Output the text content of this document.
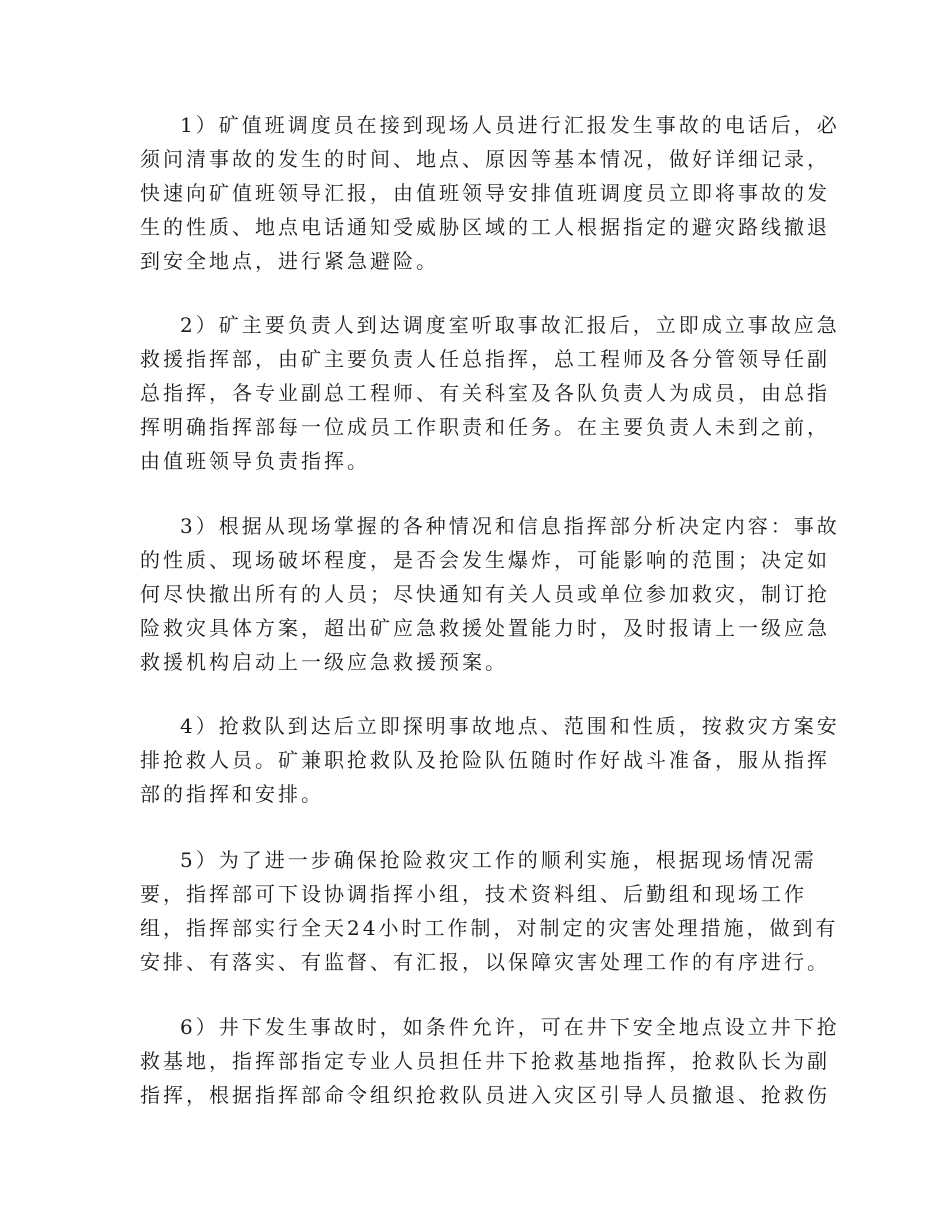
1）矿值班调度员在接到现场人员进行汇报发生事故的电话后，必
须问清事故的发生的时间、地点、原因等基本情况，做好详细记录，
快速向矿值班领导汇报，由值班领导安排值班调度员立即将事故的发
生的性质、地点电话通知受威胁区域的工人根据指定的避灾路线撤退
到安全地点，进行紧急避险。
2）矿主要负责人到达调度室听取事故汇报后，立即成立事故应急
救援指挥部，由矿主要负责人任总指挥，总工程师及各分管领导任副
总指挥，各专业副总工程师、有关科室及各队负责人为成员，由总指
挥明确指挥部每一位成员工作职责和任务。在主要负责人未到之前，
由值班领导负责指挥。
3）根据从现场掌握的各种情况和信息指挥部分析决定内容：事故
的性质、现场破坏程度，是否会发生爆炸，可能影响的范围；决定如
何尽快撤出所有的人员；尽快通知有关人员或单位参加救灾，制订抢
险救灾具体方案，超出矿应急救援处置能力时，及时报请上一级应急
救援机构启动上一级应急救援预案。
4）抢救队到达后立即探明事故地点、范围和性质，按救灾方案安
排抢救人员。矿兼职抢救队及抢险队伍随时作好战斗准备，服从指挥
部的指挥和安排。
5）为了进一步确保抢险救灾工作的顺利实施，根据现场情况需
要，指挥部可下设协调指挥小组，技术资料组、后勤组和现场工作
组，指挥部实行全天24小时工作制，对制定的灾害处理措施，做到有
安排、有落实、有监督、有汇报，以保障灾害处理工作的有序进行。
6）井下发生事故时，如条件允许，可在井下安全地点设立井下抢
救基地，指挥部指定专业人员担任井下抢救基地指挥，抢救队长为副
指挥，根据指挥部命令组织抢救队员进入灾区引导人员撤退、抢救伤
